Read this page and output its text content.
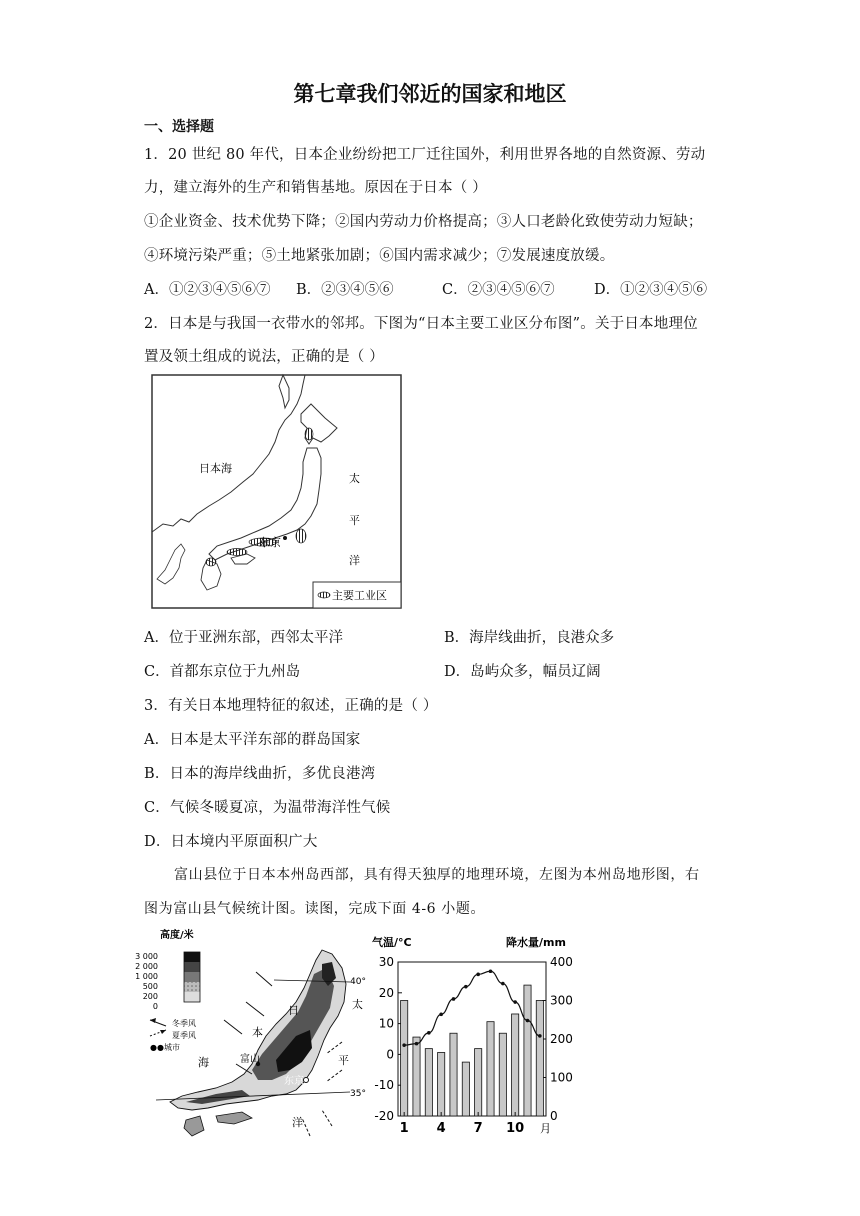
第七章我们邻近的国家和地区
一、选择题
1．20 世纪 80 年代，日本企业纷纷把工厂迁往国外，利用世界各地的自然资源、劳动
力，建立海外的生产和销售基地。原因在于日本（ ）
①企业资金、技术优势下降；②国内劳动力价格提高；③人口老龄化致使劳动力短缺；
④环境污染严重；⑤土地紧张加剧；⑥国内需求减少；⑦发展速度放缓。
A．①②③④⑤⑥⑦ B．②③④⑤⑥	C．②③④⑤⑥⑦	D．①②③④⑤⑥
2．日本是与我国一衣带水的邻邦。下图为“日本主要工业区分布图”。关于日本地理位
置及领土组成的说法，正确的是（ ）
日本海
东京
太
平
洋
主要工业区
A．位于亚洲东部，西邻太平洋	B．海岸线曲折，良港众多
C．首都东京位于九州岛	D．岛屿众多，幅员辽阔
3．有关日本地理特征的叙述，正确的是（ ）
A．日本是太平洋东部的群岛国家
B．日本的海岸线曲折，多优良港湾
C．气候冬暖夏凉，为温带海洋性气候
D．日本境内平原面积广大
富山县位于日本本州岛西部，具有得天独厚的地理环境，左图为本州岛地形图，右
图为富山县气候统计图。读图，完成下面 4-6 小题。
高度/米
3 000
2 000
1 000
500
200
0
冬季风
夏季风
●●城市
40°
35°
日
本
海
太
平
洋
富山
东京
气温/°C	降水量/mm
30
20
10
0
-10
-20
400
300
200
100
0
1 4 7 10 月
